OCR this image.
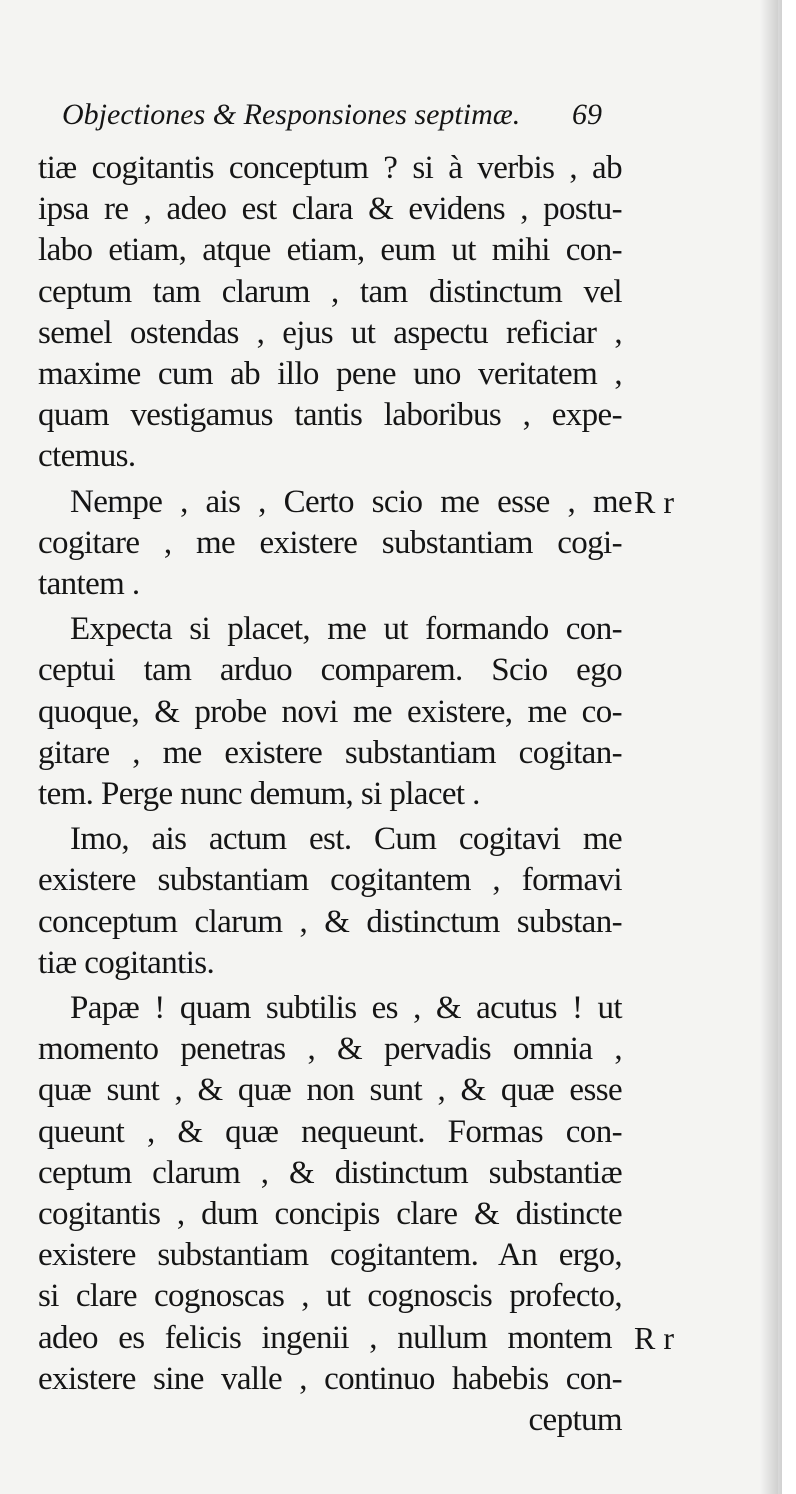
Objectiones & Responsiones septimæ. 69
tiæ cogitantis conceptum ? si à verbis , ab
ipsa re , adeo est clara & evidens , postu-
labo etiam, atque etiam, eum ut mihi con-
ceptum tam clarum , tam distinctum vel
semel ostendas , ejus ut aspectu reficiar ,
maxime cum ab illo pene uno veritatem ,
quam vestigamus tantis laboribus , expe-
ctemus.
Nempe , ais , Certo scio me esse , me R r
cogitare , me existere substantiam cogi-
tantem .
Expecta si placet, me ut formando con-
ceptui tam arduo comparem. Scio ego
quoque, & probe novi me existere, me co-
gitare , me existere substantiam cogitan-
tem. Perge nunc demum, si placet .
Imo, ais actum est. Cum cogitavi me
existere substantiam cogitantem , formavi
conceptum clarum , & distinctum substan-
tiæ cogitantis.
Papæ ! quam subtilis es , & acutus ! ut
momento penetras , & pervadis omnia ,
quæ sunt , & quæ non sunt , & quæ esse
queunt , & quæ nequeunt. Formas con-
ceptum clarum , & distinctum substantiæ
cogitantis , dum concipis clare & distincte
existere substantiam cogitantem. An ergo,
si clare cognoscas , ut cognoscis profecto,
adeo es felicis ingenii , nullum montem R r
existere sine valle , continuo habebis con-
ceptum
